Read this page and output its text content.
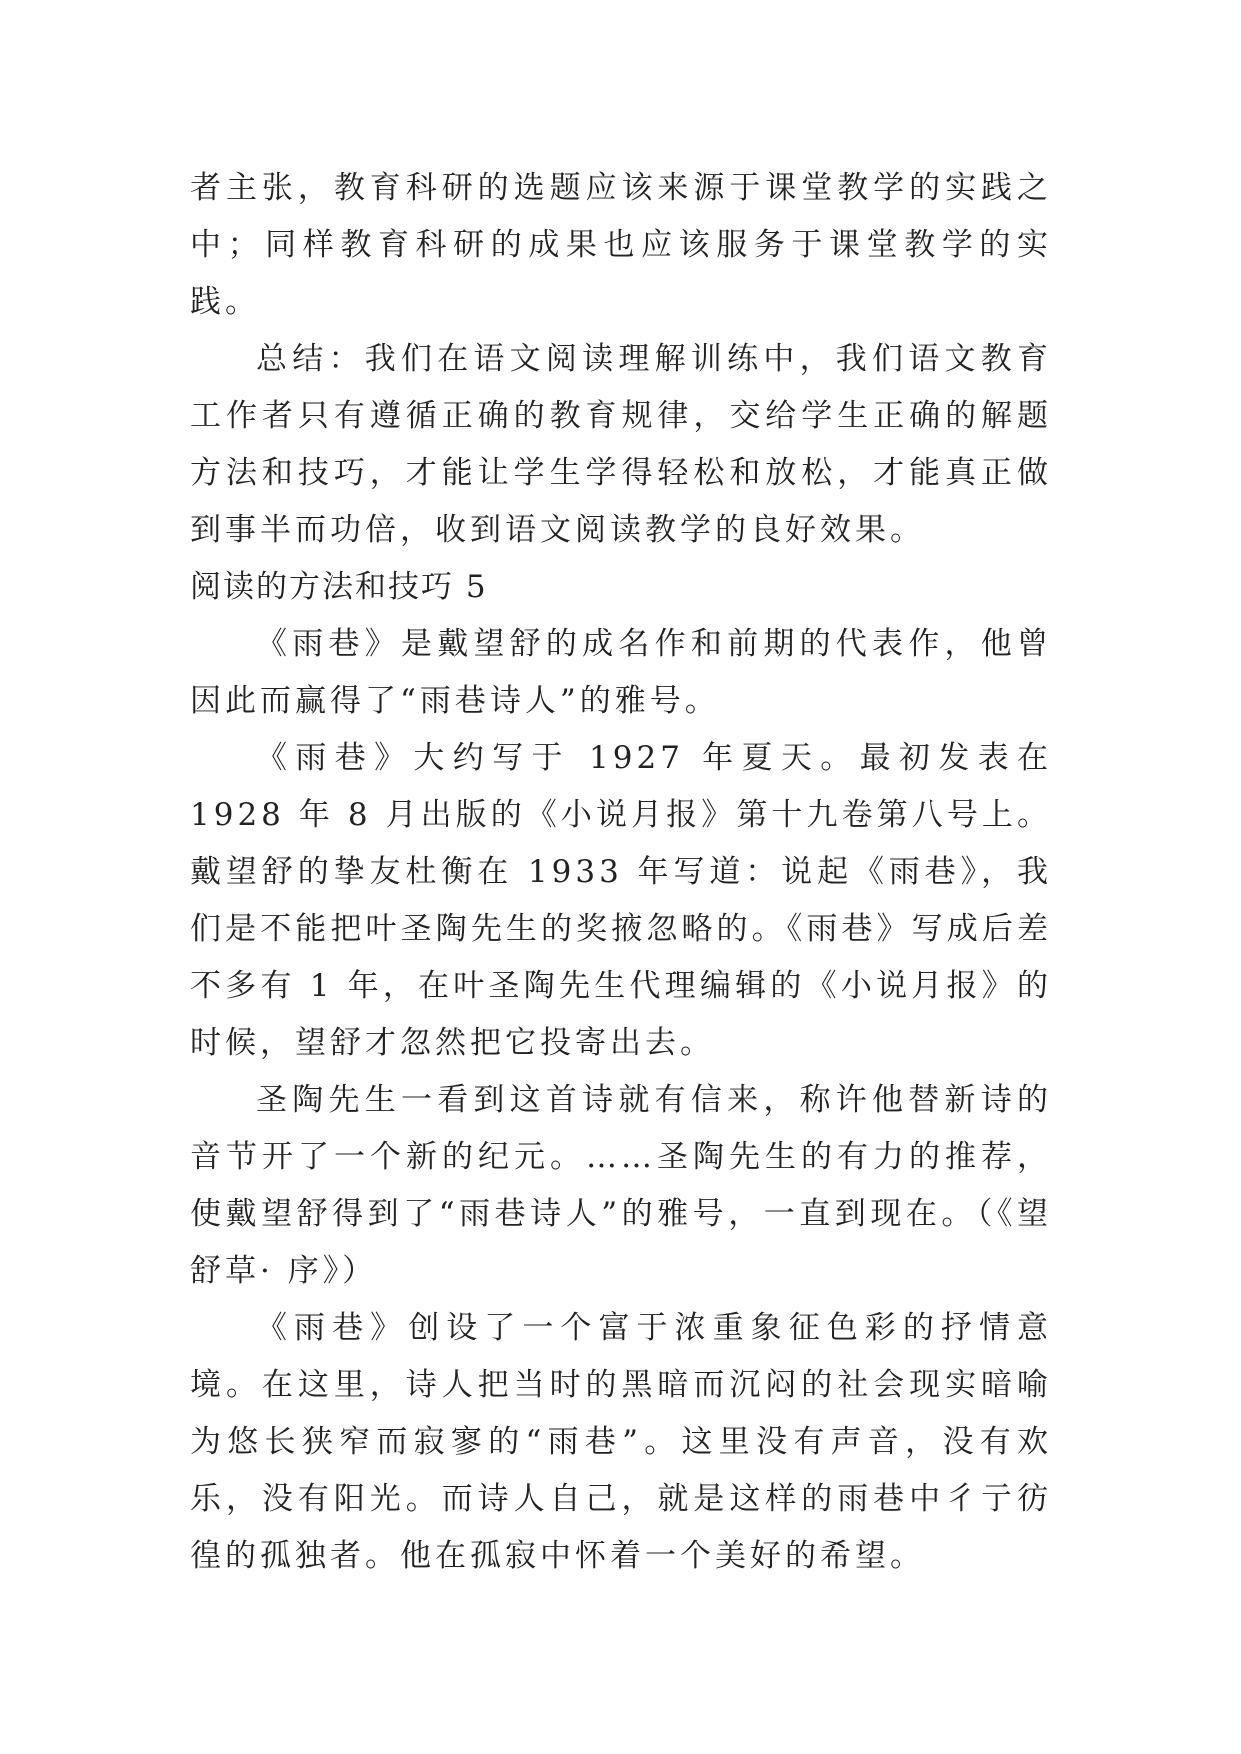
者主张，教育科研的选题应该来源于课堂教学的实践之中；同样教育科研的成果也应该服务于课堂教学的实践。

总结：我们在语文阅读理解训练中，我们语文教育工作者只有遵循正确的教育规律，交给学生正确的解题方法和技巧，才能让学生学得轻松和放松，才能真正做到事半而功倍，收到语文阅读教学的良好效果。

阅读的方法和技巧 5

《雨巷》是戴望舒的成名作和前期的代表作，他曾因此而赢得了“雨巷诗人”的雅号。

《雨巷》大约写于 1927 年夏天。最初发表在 1928 年 8 月出版的《小说月报》第十九卷第八号上。戴望舒的挚友杜衡在 1933 年写道：说起《雨巷》，我们是不能把叶圣陶先生的奖掖忽略的。《雨巷》写成后差不多有 1 年，在叶圣陶先生代理编辑的《小说月报》的时候，望舒才忽然把它投寄出去。

圣陶先生一看到这首诗就有信来，称许他替新诗的音节开了一个新的纪元。……圣陶先生的有力的推荐，使戴望舒得到了“雨巷诗人”的雅号，一直到现在。（《望舒草· 序》）

《雨巷》创设了一个富于浓重象征色彩的抒情意境。在这里，诗人把当时的黑暗而沉闷的社会现实暗喻为悠长狭窄而寂寥的“雨巷”。这里没有声音，没有欢乐，没有阳光。而诗人自己，就是这样的雨巷中彳亍彷徨的孤独者。他在孤寂中怀着一个美好的希望。
